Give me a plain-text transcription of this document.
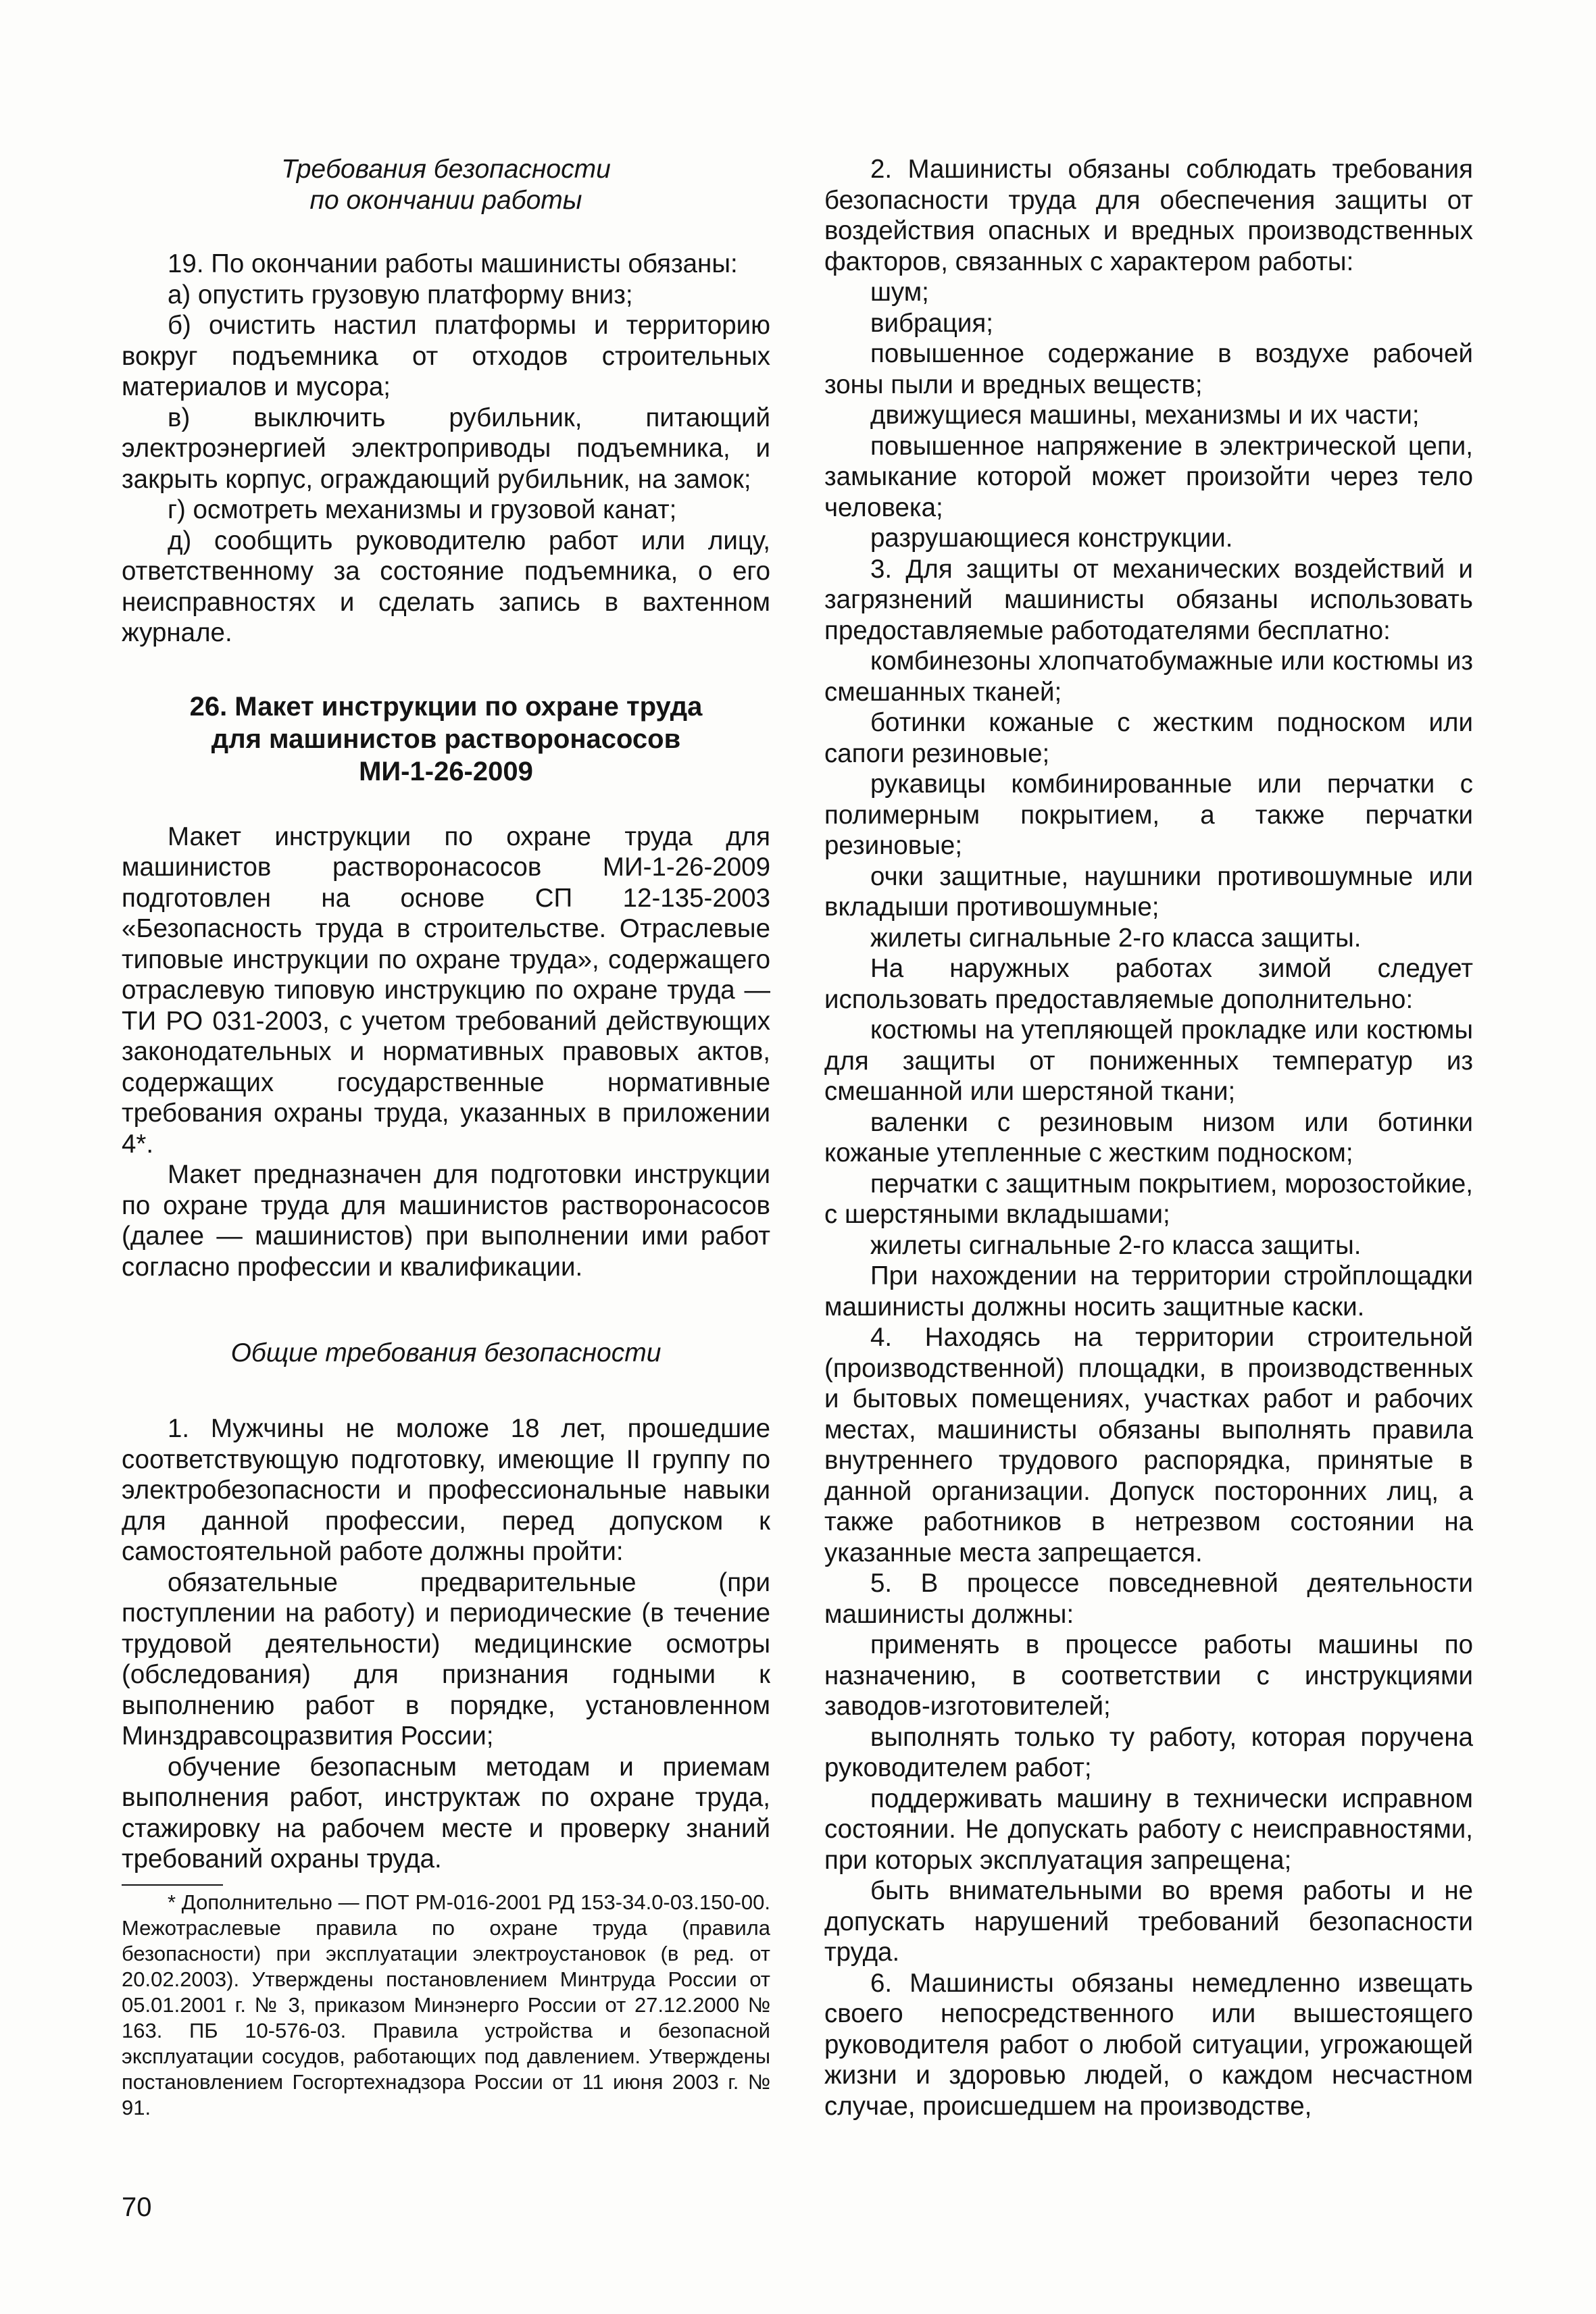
Требования безопасности
по окончании работы

19. По окончании работы машинисты обязаны:

а) опустить грузовую платформу вниз;

б) очистить настил платформы и территорию вокруг подъемника от отходов строительных материалов и мусора;

в) выключить рубильник, питающий электроэнергией электроприводы подъемника, и закрыть корпус, ограждающий рубильник, на замок;

г) осмотреть механизмы и грузовой канат;

д) сообщить руководителю работ или лицу, ответственному за состояние подъемника, о его неисправностях и сделать запись в вахтенном журнале.

26. Макет инструкции по охране труда
для машинистов растворонасосов
МИ-1-26-2009

Макет инструкции по охране труда для машинистов растворонасосов МИ-1-26-2009 подготовлен на основе СП 12-135-2003 «Безопасность труда в строительстве. Отраслевые типовые инструкции по охране труда», содержащего отраслевую типовую инструкцию по охране труда — ТИ РО 031-2003, с учетом требований действующих законодательных и нормативных правовых актов, содержащих государственные нормативные требования охраны труда, указанных в приложении 4*.

Макет предназначен для подготовки инструкции по охране труда для машинистов растворонасосов (далее — машинистов) при выполнении ими работ согласно профессии и квалификации.

Общие требования безопасности

1. Мужчины не моложе 18 лет, прошедшие соответствующую подготовку, имеющие II группу по электробезопасности и профессиональные навыки для данной профессии, перед допуском к самостоятельной работе должны пройти:

обязательные предварительные (при поступлении на работу) и периодические (в течение трудовой деятельности) медицинские осмотры (обследования) для признания годными к выполнению работ в порядке, установленном Минздравсоцразвития России;

обучение безопасным методам и приемам выполнения работ, инструктаж по охране труда, стажировку на рабочем месте и проверку знаний требований охраны труда.

* Дополнительно — ПОТ РМ-016-2001 РД 153-34.0-03.150-00. Межотраслевые правила по охране труда (правила безопасности) при эксплуатации электроустановок (в ред. от 20.02.2003). Утверждены постановлением Минтруда России от 05.01.2001 г. № 3, приказом Минэнерго России от 27.12.2000 № 163. ПБ 10-576-03. Правила устройства и безопасной эксплуатации сосудов, работающих под давлением. Утверждены постановлением Госгортехнадзора России от 11 июня 2003 г. № 91.

2. Машинисты обязаны соблюдать требования безопасности труда для обеспечения защиты от воздействия опасных и вредных производственных факторов, связанных с характером работы:

шум;

вибрация;

повышенное содержание в воздухе рабочей зоны пыли и вредных веществ;

движущиеся машины, механизмы и их части;

повышенное напряжение в электрической цепи, замыкание которой может произойти через тело человека;

разрушающиеся конструкции.

3. Для защиты от механических воздействий и загрязнений машинисты обязаны использовать предоставляемые работодателями бесплатно:

комбинезоны хлопчатобумажные или костюмы из смешанных тканей;

ботинки кожаные с жестким подноском или сапоги резиновые;

рукавицы комбинированные или перчатки с полимерным покрытием, а также перчатки резиновые;

очки защитные, наушники противошумные или вкладыши противошумные;

жилеты сигнальные 2-го класса защиты.

На наружных работах зимой следует использовать предоставляемые дополнительно:

костюмы на утепляющей прокладке или костюмы для защиты от пониженных температур из смешанной или шерстяной ткани;

валенки с резиновым низом или ботинки кожаные утепленные с жестким подноском;

перчатки с защитным покрытием, морозостойкие, с шерстяными вкладышами;

жилеты сигнальные 2-го класса защиты.

При нахождении на территории стройплощадки машинисты должны носить защитные каски.

4. Находясь на территории строительной (производственной) площадки, в производственных и бытовых помещениях, участках работ и рабочих местах, машинисты обязаны выполнять правила внутреннего трудового распорядка, принятые в данной организации. Допуск посторонних лиц, а также работников в нетрезвом состоянии на указанные места запрещается.

5. В процессе повседневной деятельности машинисты должны:

применять в процессе работы машины по назначению, в соответствии с инструкциями заводов-изготовителей;

выполнять только ту работу, которая поручена руководителем работ;

поддерживать машину в технически исправном состоянии. Не допускать работу с неисправностями, при которых эксплуатация запрещена;

быть внимательными во время работы и не допускать нарушений требований безопасности труда.

6. Машинисты обязаны немедленно извещать своего непосредственного или вышестоящего руководителя работ о любой ситуации, угрожающей жизни и здоровью людей, о каждом несчастном случае, происшедшем на производстве,

70
